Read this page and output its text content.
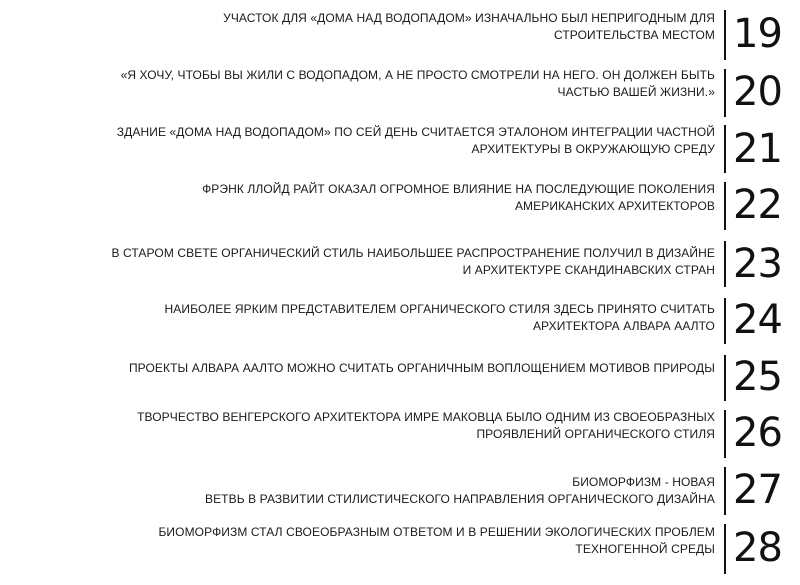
УЧАСТОК ДЛЯ «ДОМА НАД ВОДОПАДОМ» ИЗНАЧАЛЬНО БЫЛ НЕПРИГОДНЫМ ДЛЯ
СТРОИТЕЛЬСТВА МЕСТОМ 19
«Я ХОЧУ, ЧТОБЫ ВЫ ЖИЛИ С ВОДОПАДОМ, А НЕ ПРОСТО СМОТРЕЛИ НА НЕГО. ОН ДОЛЖЕН БЫТЬ
ЧАСТЬЮ ВАШЕЙ ЖИЗНИ.» 20
ЗДАНИЕ «ДОМА НАД ВОДОПАДОМ» ПО СЕЙ ДЕНЬ СЧИТАЕТСЯ ЭТАЛОНОМ ИНТЕГРАЦИИ ЧАСТНОЙ
АРХИТЕКТУРЫ В ОКРУЖАЮЩУЮ СРЕДУ 21
ФРЭНК ЛЛОЙД РАЙТ ОКАЗАЛ ОГРОМНОЕ ВЛИЯНИЕ НА ПОСЛЕДУЮЩИЕ ПОКОЛЕНИЯ
АМЕРИКАНСКИХ АРХИТЕКТОРОВ 22
В СТАРОМ СВЕТЕ ОРГАНИЧЕСКИЙ СТИЛЬ НАИБОЛЬШЕЕ РАСПРОСТРАНЕНИЕ ПОЛУЧИЛ В ДИЗАЙНЕ
И АРХИТЕКТУРЕ СКАНДИНАВСКИХ СТРАН 23
НАИБОЛЕЕ ЯРКИМ ПРЕДСТАВИТЕЛЕМ ОРГАНИЧЕСКОГО СТИЛЯ ЗДЕСЬ ПРИНЯТО СЧИТАТЬ
АРХИТЕКТОРА АЛВАРА ААЛТО 24
ПРОЕКТЫ АЛВАРА ААЛТО МОЖНО СЧИТАТЬ ОРГАНИЧНЫМ ВОПЛОЩЕНИЕМ МОТИВОВ ПРИРОДЫ 25
ТВОРЧЕСТВО ВЕНГЕРСКОГО АРХИТЕКТОРА ИМРЕ МАКОВЦА БЫЛО ОДНИМ ИЗ СВОЕОБРАЗНЫХ
ПРОЯВЛЕНИЙ ОРГАНИЧЕСКОГО СТИЛЯ 26
БИОМОРФИЗМ - НОВАЯ
ВЕТВЬ В РАЗВИТИИ СТИЛИСТИЧЕСКОГО НАПРАВЛЕНИЯ ОРГАНИЧЕСКОГО ДИЗАЙНА 27
БИОМОРФИЗМ СТАЛ СВОЕОБРАЗНЫМ ОТВЕТОМ И В РЕШЕНИИ ЭКОЛОГИЧЕСКИХ ПРОБЛЕМ
ТЕХНОГЕННОЙ СРЕДЫ 28
